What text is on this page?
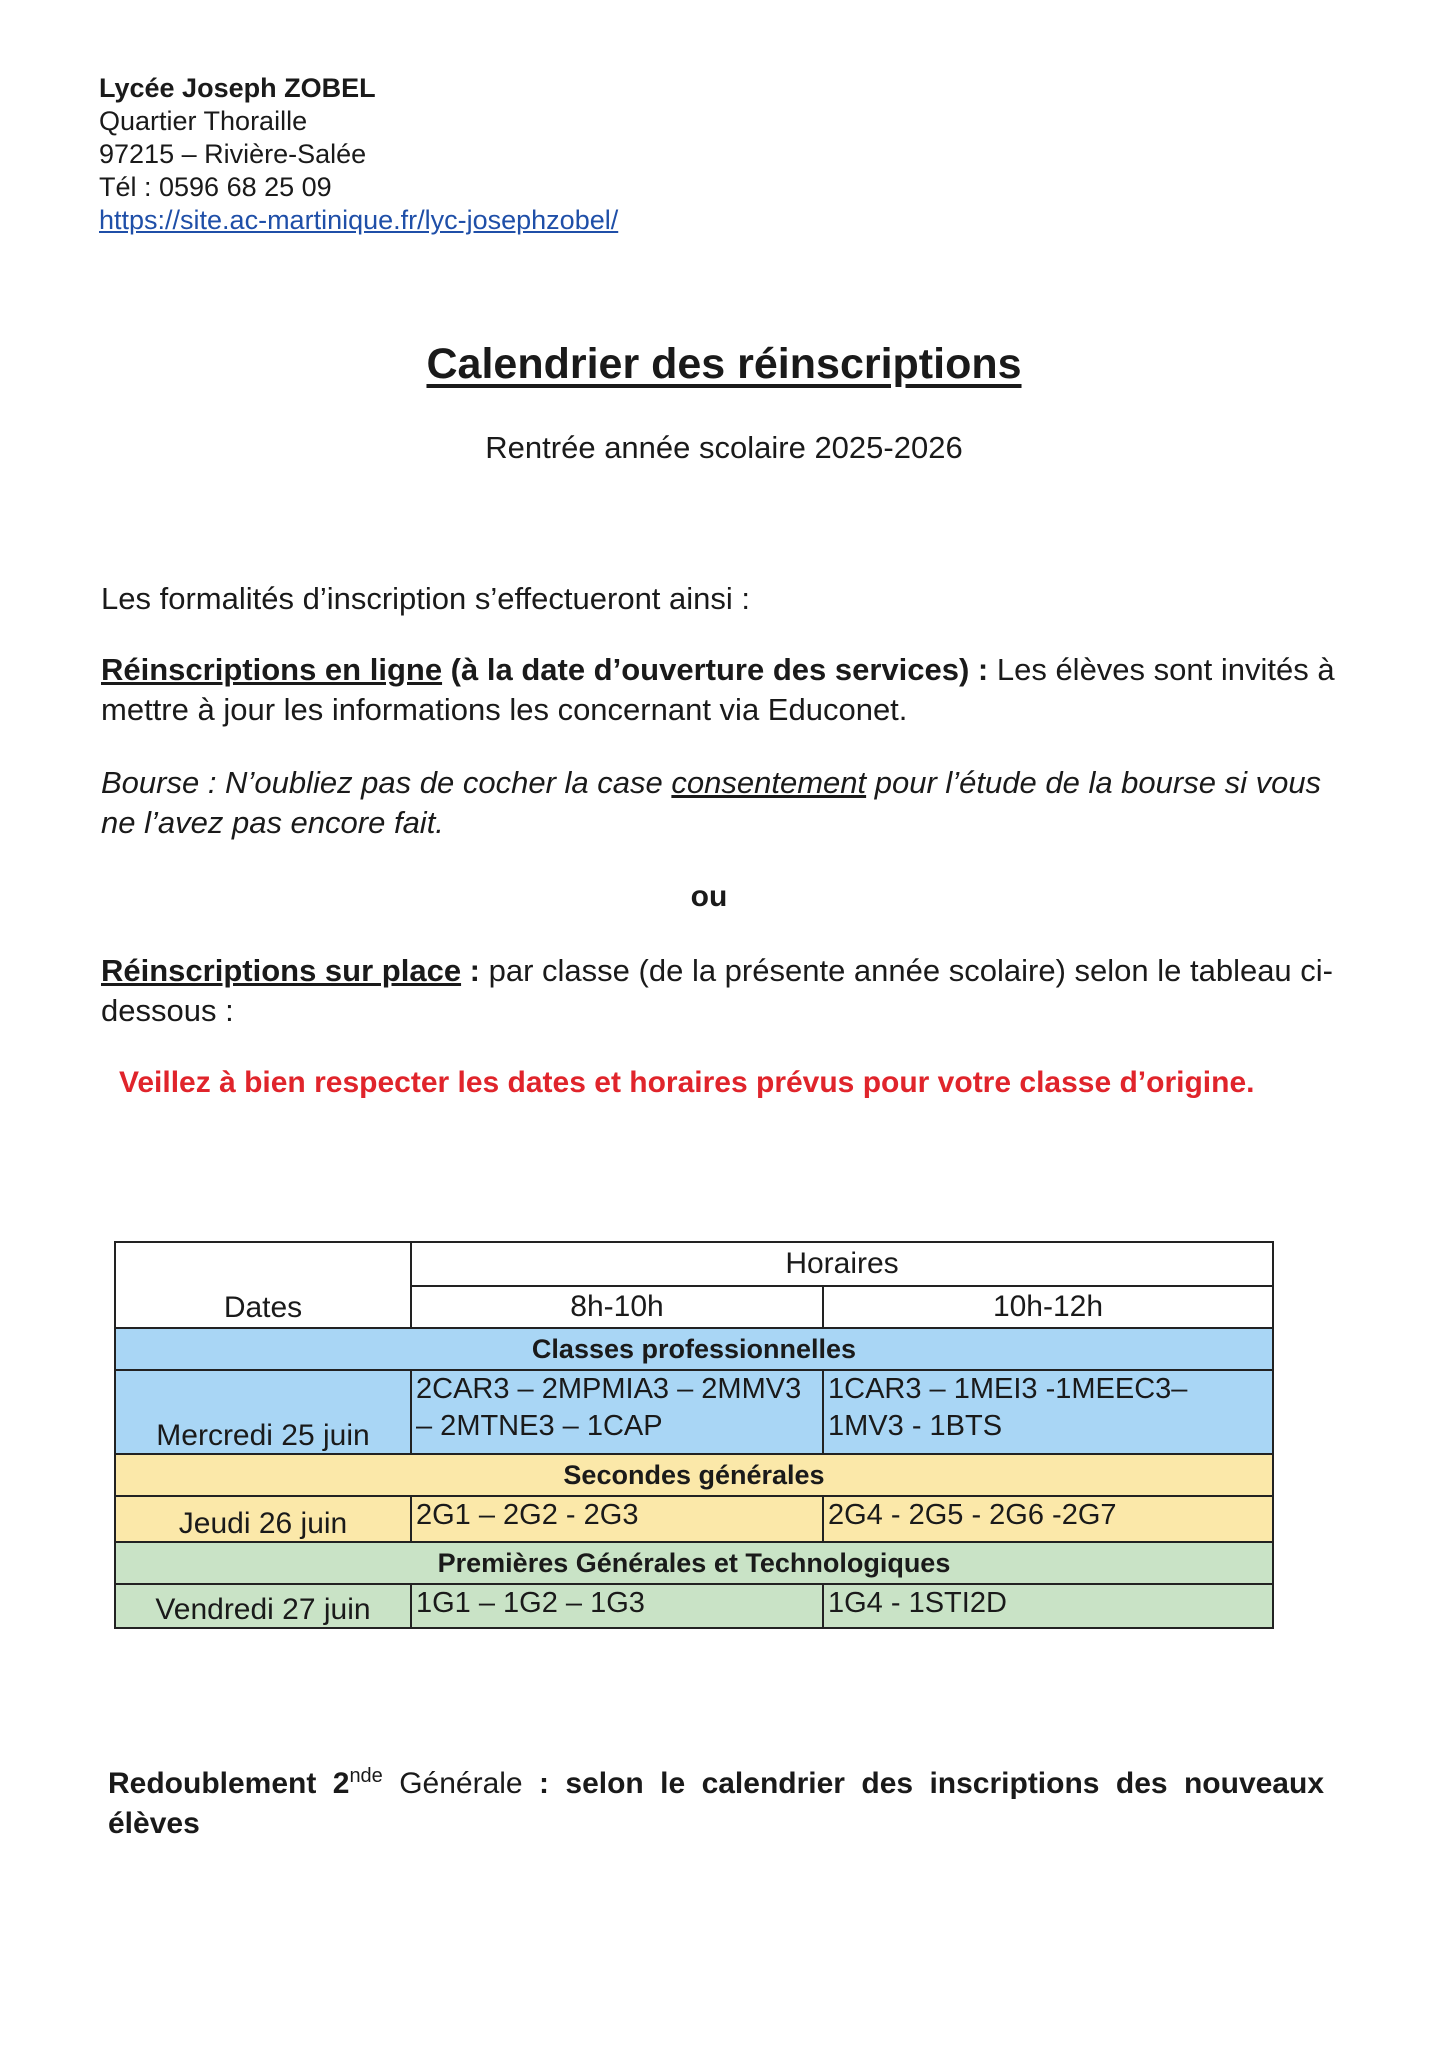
Lycée Joseph ZOBEL
Quartier Thoraille
97215 – Rivière-Salée
Tél : 0596 68 25 09
https://site.ac-martinique.fr/lyc-josephzobel/
Calendrier des réinscriptions
Rentrée année scolaire 2025-2026
Les formalités d’inscription s’effectueront ainsi :
Réinscriptions en ligne (à la date d’ouverture des services) : Les élèves sont invités à mettre à jour les informations les concernant via Educonet.
Bourse : N’oubliez pas de cocher la case consentement pour l’étude de la bourse si vous ne l’avez pas encore fait.
ou
Réinscriptions sur place : par classe (de la présente année scolaire) selon le tableau ci-dessous :
Veillez à bien respecter les dates et horaires prévus pour votre classe d’origine.
Dates	Horaires	
	8h-10h	10h-12h
Classes professionnelles		
Mercredi 25 juin	2CAR3 – 2MPMIA3 – 2MMV3 – 2MTNE3 – 1CAP	1CAR3 – 1MEI3 -1MEEC3– 1MV3 - 1BTS
Secondes générales		
Jeudi 26 juin	2G1 – 2G2 - 2G3	2G4 - 2G5 - 2G6 -2G7
Premières Générales et Technologiques		
Vendredi 27 juin	1G1 – 1G2 – 1G3	1G4 - 1STI2D
Redoublement 2nde Générale : selon le calendrier des inscriptions des nouveaux élèves
